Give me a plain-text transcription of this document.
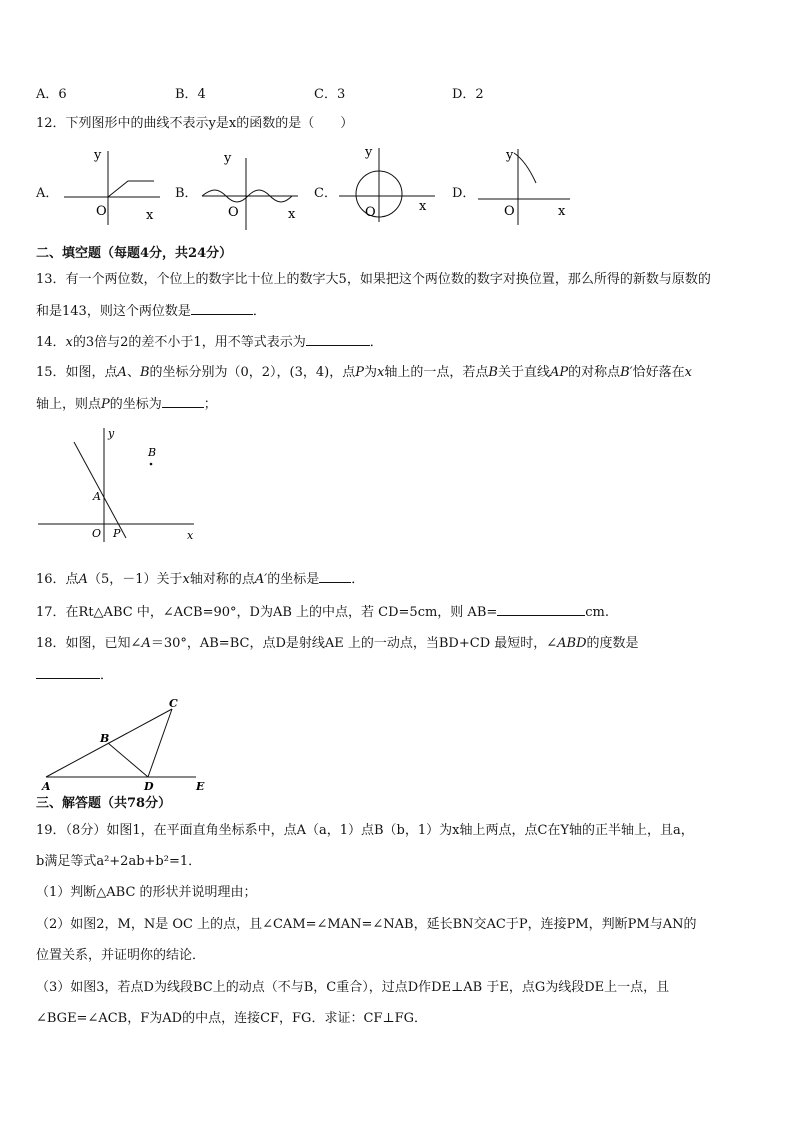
A．6	B．4	C．3	D．2
12．下列图形中的曲线不表示y是x的函数的是（　　）
A．	B．	C．	D．
y
O	x
y
O	x
y
O	x
y
O	x
二、填空题（每题4分，共24分）
13．有一个两位数，个位上的数字比十位上的数字大5，如果把这个两位数的数字对换位置，那么所得的新数与原数的
和是143，则这个两位数是	．
14．x的3倍与2的差不小于1，用不等式表示为	．
15．如图，点A、B的坐标分别为（0，2），(3，4)，点P为x轴上的一点，若点B关于直线AP的对称点B′恰好落在x
轴上，则点P的坐标为	；
y
x
B
A
O P
16．点A（5，－1）关于x轴对称的点A′的坐标是 ．
17．在Rt△ABC 中，∠ACB=90°，D为AB 上的中点，若 CD=5cm，则 AB=	cm.
18．如图，已知∠A＝30°，AB=BC，点D是射线AE 上的一动点，当BD+CD 最短时，∠ABD的度数是
．
A
B
C
D	E
三、解答题（共78分）
19．（8分）如图1，在平面直角坐标系中，点A（a，1）点B（b，1）为x轴上两点，点C在Y轴的正半轴上，且a，
b满足等式a²+2ab+b²=1．
（1）判断△ABC 的形状并说明理由；
（2）如图2，M，N是 OC 上的点，且∠CAM=∠MAN=∠NAB，延长BN交AC于P，连接PM，判断PM与AN的
位置关系，并证明你的结论．
（3）如图3，若点D为线段BC上的动点（不与B，C重合），过点D作DE⊥AB 于E，点G为线段DE上一点，且
∠BGE=∠ACB，F为AD的中点，连接CF，FG．求证：CF⊥FG．
